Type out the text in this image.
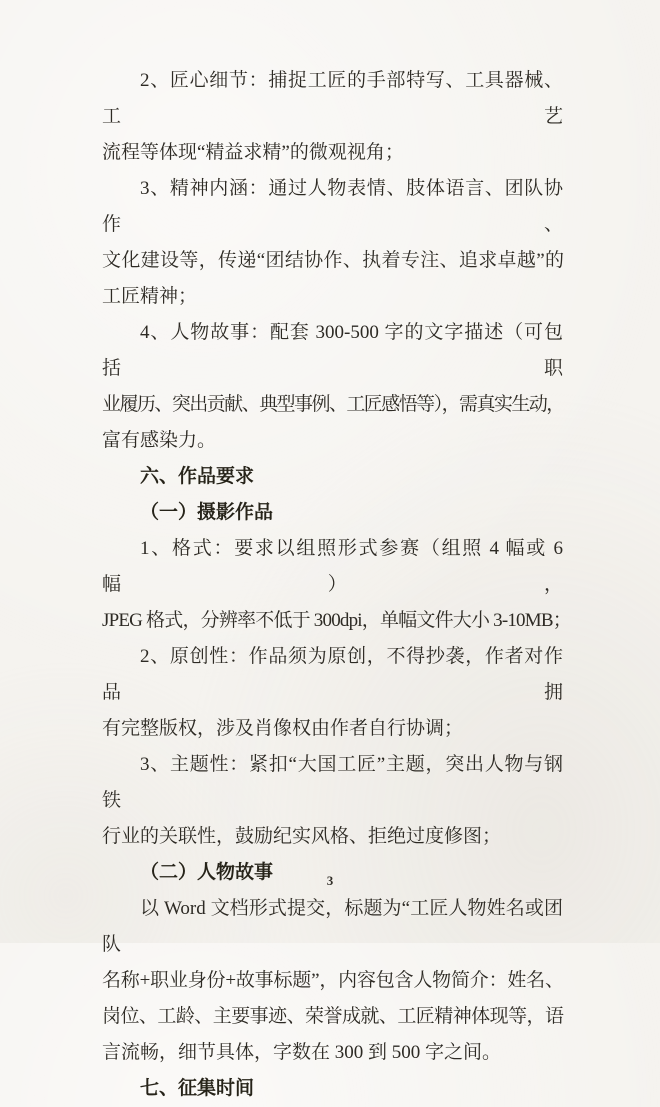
2、匠心细节：捕捉工匠的手部特写、工具器械、工艺

流程等体现“精益求精”的微观视角；

3、精神内涵：通过人物表情、肢体语言、团队协作、

文化建设等，传递“团结协作、执着专注、追求卓越”的

工匠精神；

4、人物故事：配套 300-500 字的文字描述（可包括职

业履历、突出贡献、典型事例、工匠感悟等），需真实生动，

富有感染力。

六、作品要求

（一）摄影作品

1、格式：要求以组照形式参赛（组照 4 幅或 6 幅），

JPEG 格式，分辨率不低于 300dpi，单幅文件大小 3-10MB；

2、原创性：作品须为原创，不得抄袭，作者对作品拥

有完整版权，涉及肖像权由作者自行协调；

3、主题性：紧扣“大国工匠”主题，突出人物与钢铁

行业的关联性，鼓励纪实风格、拒绝过度修图；

（二）人物故事

以 Word 文档形式提交，标题为“工匠人物姓名或团队

名称+职业身份+故事标题”，内容包含人物简介：姓名、

岗位、工龄、主要事迹、荣誉成就、工匠精神体现等，语

言流畅，细节具体，字数在 300 到 500 字之间。

七、征集时间

3
